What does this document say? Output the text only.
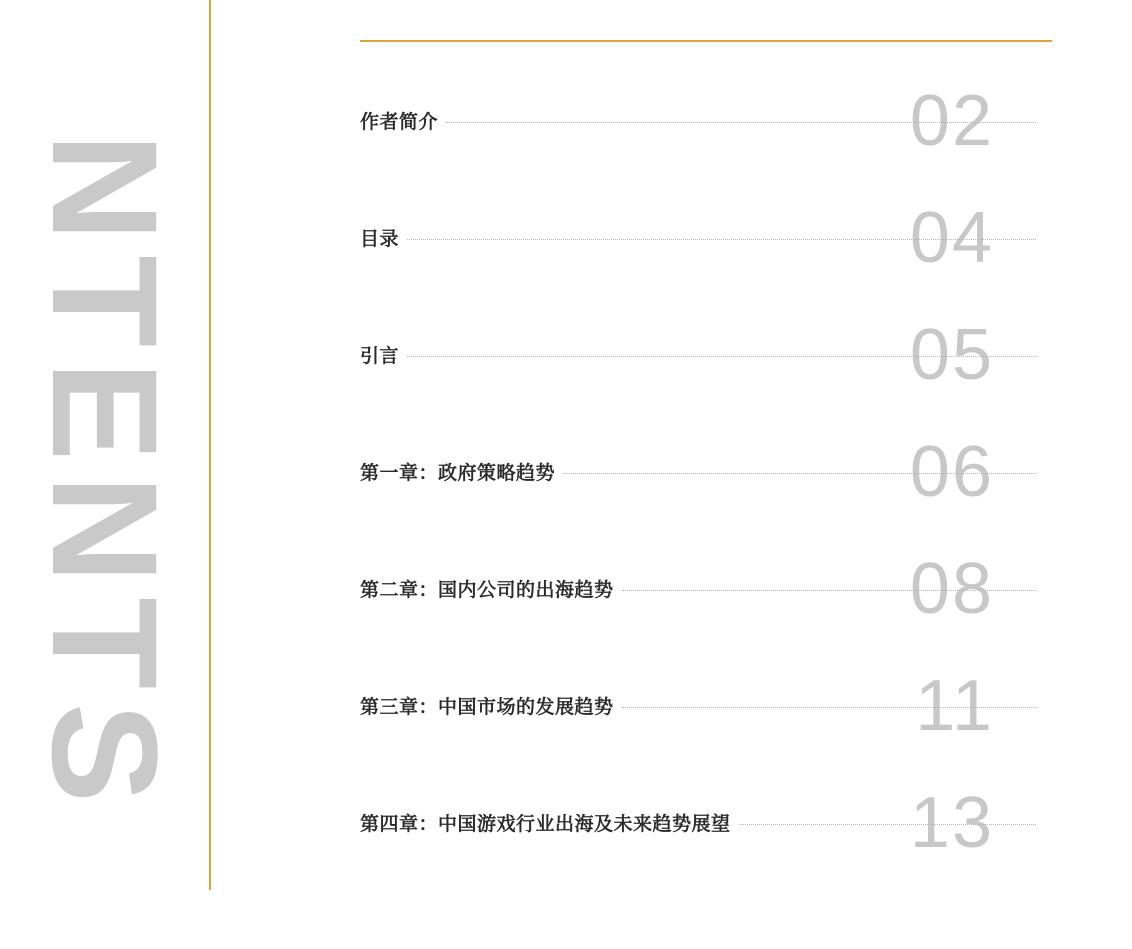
NTENTS
02
作者简介
04
目录
05
引言
06
第一章：政府策略趋势
08
第二章：国内公司的出海趋势
11
第三章：中国市场的发展趋势
13
第四章：中国游戏行业出海及未来趋势展望
